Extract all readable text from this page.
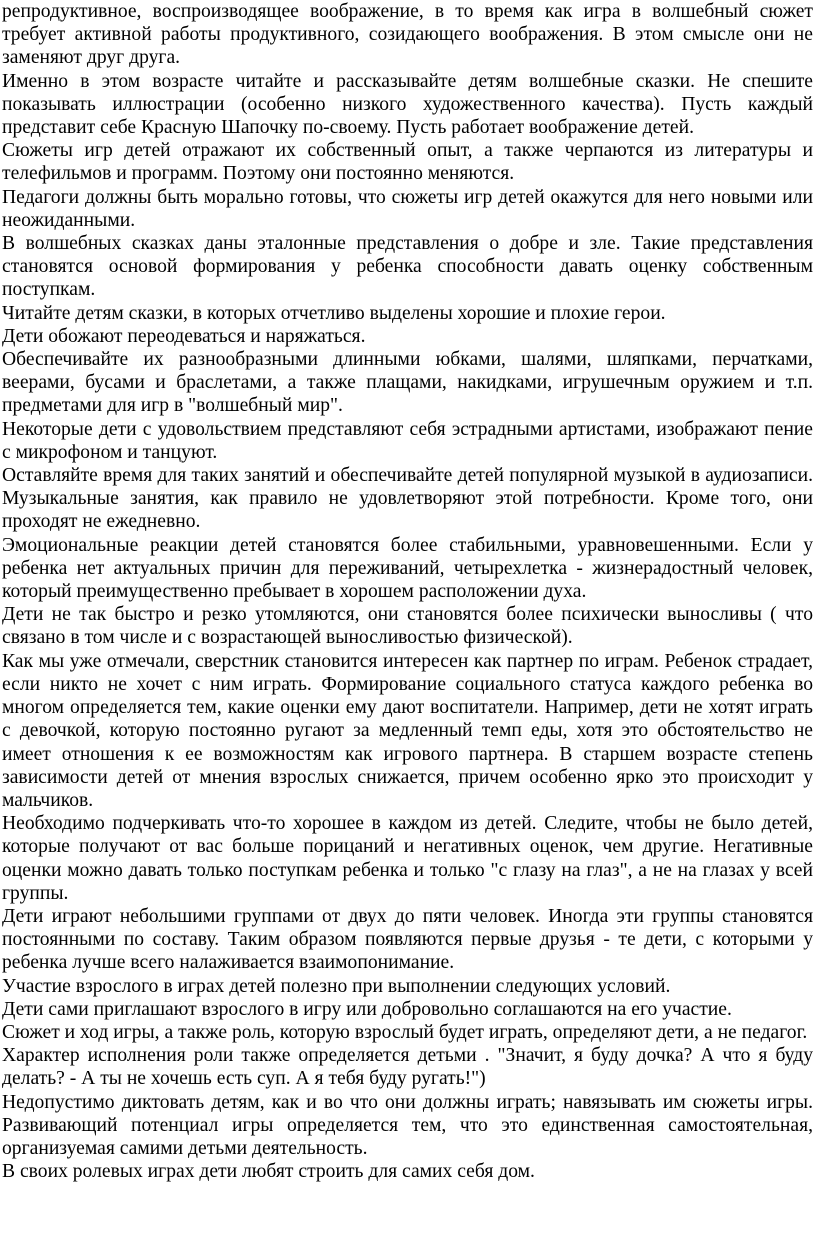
репродуктивное, воспроизводящее воображение, в то время как игра в волшебный сюжет требует активной работы продуктивного, созидающего воображения. В этом смысле они не заменяют друг друга.

Именно в этом возрасте читайте и рассказывайте детям волшебные сказки. Не спешите показывать иллюстрации (особенно низкого художественного качества). Пусть каждый представит себе Красную Шапочку по-своему. Пусть работает воображение детей.

Сюжеты игр детей отражают их собственный опыт, а также черпаются из литературы и телефильмов и программ. Поэтому они постоянно меняются.

Педагоги должны быть морально готовы, что сюжеты игр детей окажутся для него новыми или неожиданными.

В волшебных сказках даны эталонные представления о добре и зле. Такие представления становятся основой формирования у ребенка способности давать оценку собственным поступкам.

Читайте детям сказки, в которых отчетливо выделены хорошие и плохие герои.

Дети обожают переодеваться и наряжаться.

Обеспечивайте их разнообразными длинными юбками, шалями, шляпками, перчатками, веерами, бусами и браслетами, а также плащами, накидками, игрушечным оружием и т.п. предметами для игр в "волшебный мир".

Некоторые дети с удовольствием представляют себя эстрадными артистами, изображают пение с микрофоном и танцуют.

Оставляйте время для таких занятий и обеспечивайте детей популярной музыкой в аудиозаписи. Музыкальные занятия, как правило не удовлетворяют этой потребности. Кроме того, они проходят не ежедневно.

Эмоциональные реакции детей становятся более стабильными, уравновешенными. Если у ребенка нет актуальных причин для переживаний, четырехлетка - жизнерадостный человек, который преимущественно пребывает в хорошем расположении духа.

Дети не так быстро и резко утомляются, они становятся более психически выносливы ( что связано в том числе и с возрастающей выносливостью физической).

Как мы уже отмечали, сверстник становится интересен как партнер по играм. Ребенок страдает, если никто не хочет с ним играть. Формирование социального статуса каждого ребенка во многом определяется тем, какие оценки ему дают воспитатели. Например, дети не хотят играть с девочкой, которую постоянно ругают за медленный темп еды, хотя это обстоятельство не имеет отношения к ее возможностям как игрового партнера. В старшем возрасте степень зависимости детей от мнения взрослых снижается, причем особенно ярко это происходит у мальчиков.

Необходимо подчеркивать что-то хорошее в каждом из детей. Следите, чтобы не было детей, которые получают от вас больше порицаний и негативных оценок, чем другие. Негативные оценки можно давать только поступкам ребенка и только "с глазу на глаз", а не на глазах у всей группы.

Дети играют небольшими группами от двух до пяти человек. Иногда эти группы становятся постоянными по составу. Таким образом появляются первые друзья - те дети, с которыми у ребенка лучше всего налаживается взаимопонимание.

Участие взрослого в играх детей полезно при выполнении следующих условий.

Дети сами приглашают взрослого в игру или добровольно соглашаются на его участие.

Сюжет и ход игры, а также роль, которую взрослый будет играть, определяют дети, а не педагог.

Характер исполнения роли также определяется детьми . "Значит, я буду дочка? А что я буду делать? - А ты не хочешь есть суп. А я тебя буду ругать!")

Недопустимо диктовать детям, как и во что они должны играть; навязывать им сюжеты игры. Развивающий потенциал игры определяется тем, что это единственная самостоятельная, организуемая самими детьми деятельность.

В своих ролевых играх дети любят строить для самих себя дом.
